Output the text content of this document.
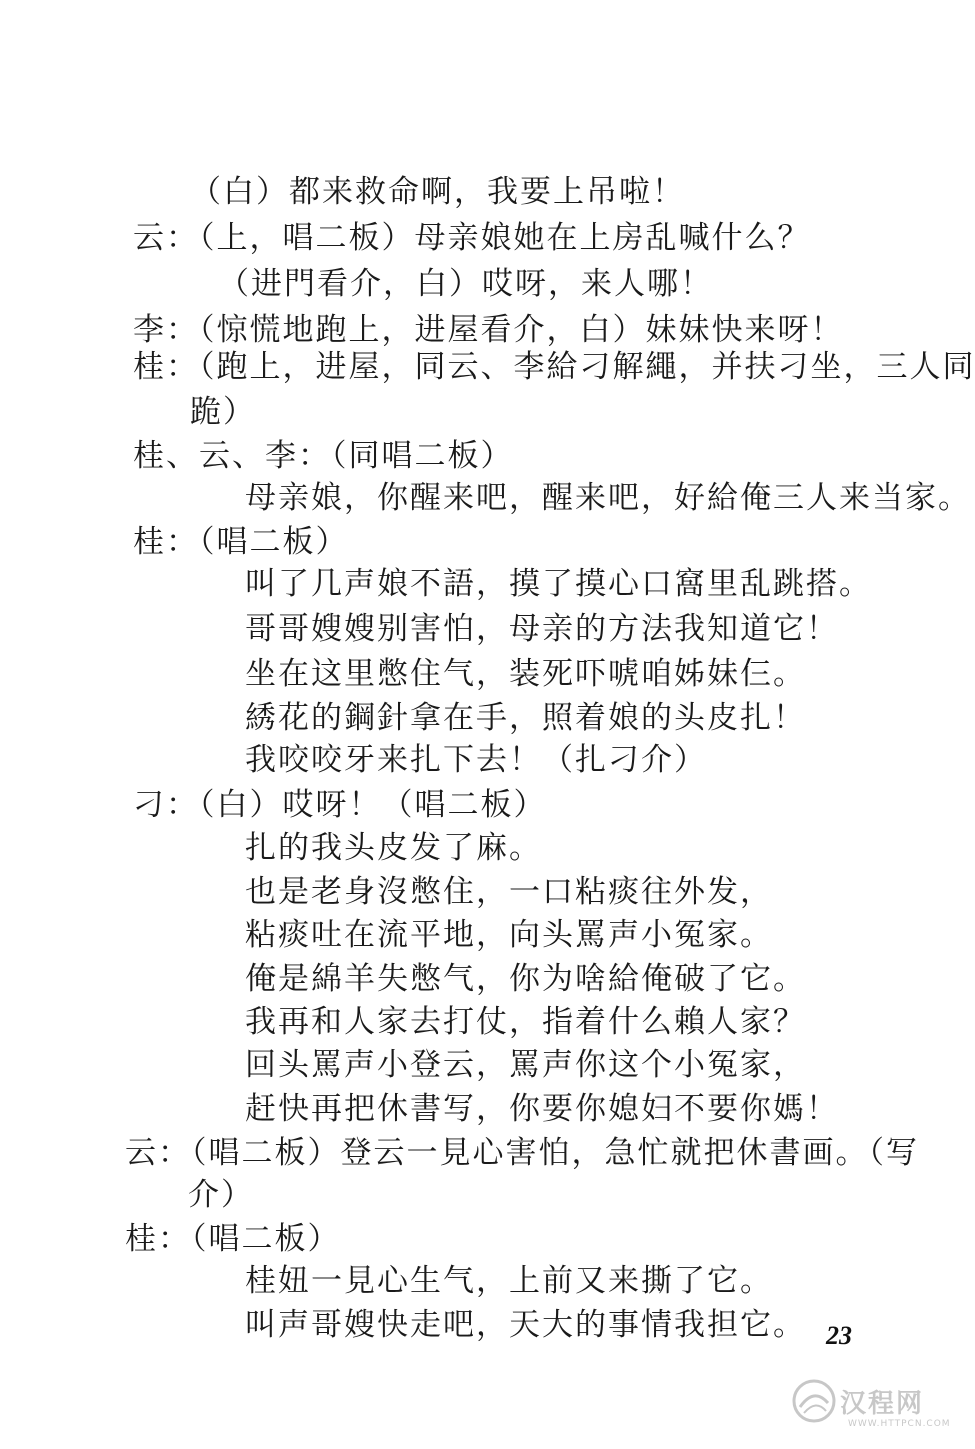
（白）都来救命啊，我要上吊啦！
云：（上，唱二板）母亲娘她在上房乱喊什么？
（进門看介，白）哎呀，来人哪！
李：（惊慌地跑上，进屋看介，白）妹妹快来呀！
桂：（跑上，进屋，同云、李給刁解繩，并扶刁坐，三人同
跪）
桂、云、李：（同唱二板）
母亲娘，你醒来吧，醒来吧，好給俺三人来当家。
桂：（唱二板）
叫了几声娘不語，摸了摸心口窩里乱跳搭。
哥哥嫂嫂别害怕，母亲的方法我知道它！
坐在这里憋住气，装死吓唬咱姊妹仨。
綉花的鋼針拿在手，照着娘的头皮扎！
我咬咬牙来扎下去！（扎刁介）
刁：（白）哎呀！（唱二板）
扎的我头皮发了麻。
也是老身沒憋住，一口粘痰往外发，
粘痰吐在流平地，向头罵声小冤家。
俺是綿羊失憋气，你为啥給俺破了它。
我再和人家去打仗，指着什么賴人家？
回头罵声小登云，罵声你这个小冤家，
赶快再把休書写，你要你媳妇不要你媽！
云：（唱二板）登云一見心害怕，急忙就把休書画。（写
介）
桂：（唱二板）
桂妞一見心生气，上前又来撕了它。
叫声哥嫂快走吧，天大的事情我担它。 23
汉程网
WWW.HTTPCN.COM
